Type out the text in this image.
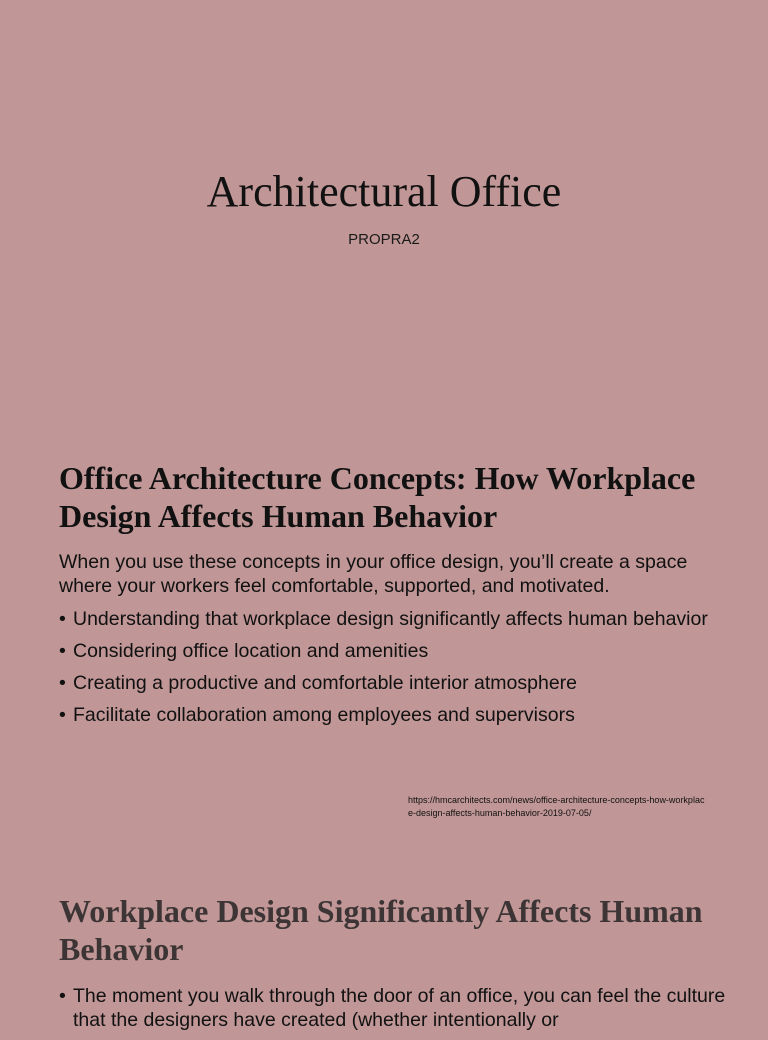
Architectural Office
PROPRA2
Office Architecture Concepts: How Workplace Design Affects Human Behavior
When you use these concepts in your office design, you’ll create a space where your workers feel comfortable, supported, and motivated.
• Understanding that workplace design significantly affects human behavior
• Considering office location and amenities
• Creating a productive and comfortable interior atmosphere
• Facilitate collaboration among employees and supervisors
https://hmcarchitects.com/news/office-architecture-concepts-how-workplace-design-affects-human-behavior-2019-07-05/
Workplace Design Significantly Affects Human Behavior
• The moment you walk through the door of an office, you can feel the culture that the designers have created (whether intentionally or
